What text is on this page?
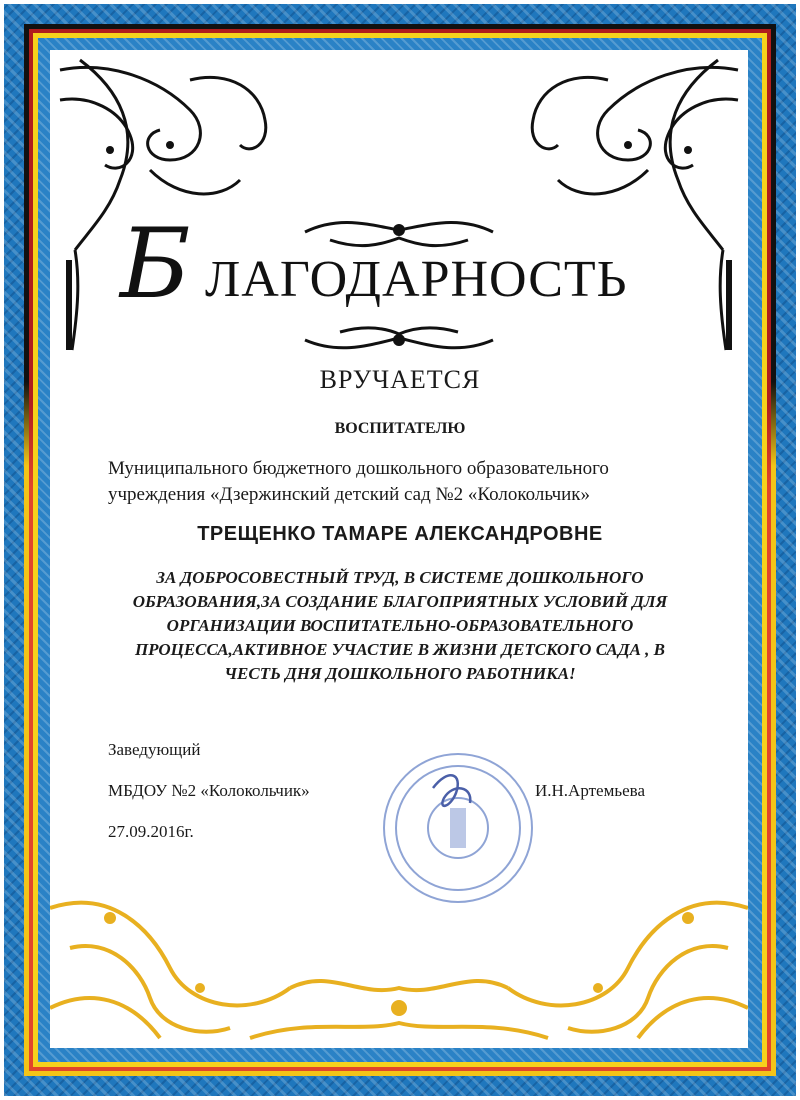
Б ЛАГОДАРНОСТЬ
ВРУЧАЕТСЯ
ВОСПИТАТЕЛЮ
Муниципального бюджетного дошкольного образовательного
учреждения «Дзержинский детский сад №2 «Колокольчик»
ТРЕЩЕНКО ТАМАРЕ АЛЕКСАНДРОВНЕ
ЗА ДОБРОСОВЕСТНЫЙ ТРУД, В СИСТЕМЕ ДОШКОЛЬНОГО
ОБРАЗОВАНИЯ,ЗА СОЗДАНИЕ БЛАГОПРИЯТНЫХ УСЛОВИЙ ДЛЯ
ОРГАНИЗАЦИИ ВОСПИТАТЕЛЬНО-ОБРАЗОВАТЕЛЬНОГО
ПРОЦЕССА,АКТИВНОЕ УЧАСТИЕ В ЖИЗНИ ДЕТСКОГО САДА , В
ЧЕСТЬ ДНЯ ДОШКОЛЬНОГО РАБОТНИКА!
Заведующий
МБДОУ №2 «Колокольчик»
27.09.2016г.
И.Н.Артемьева
